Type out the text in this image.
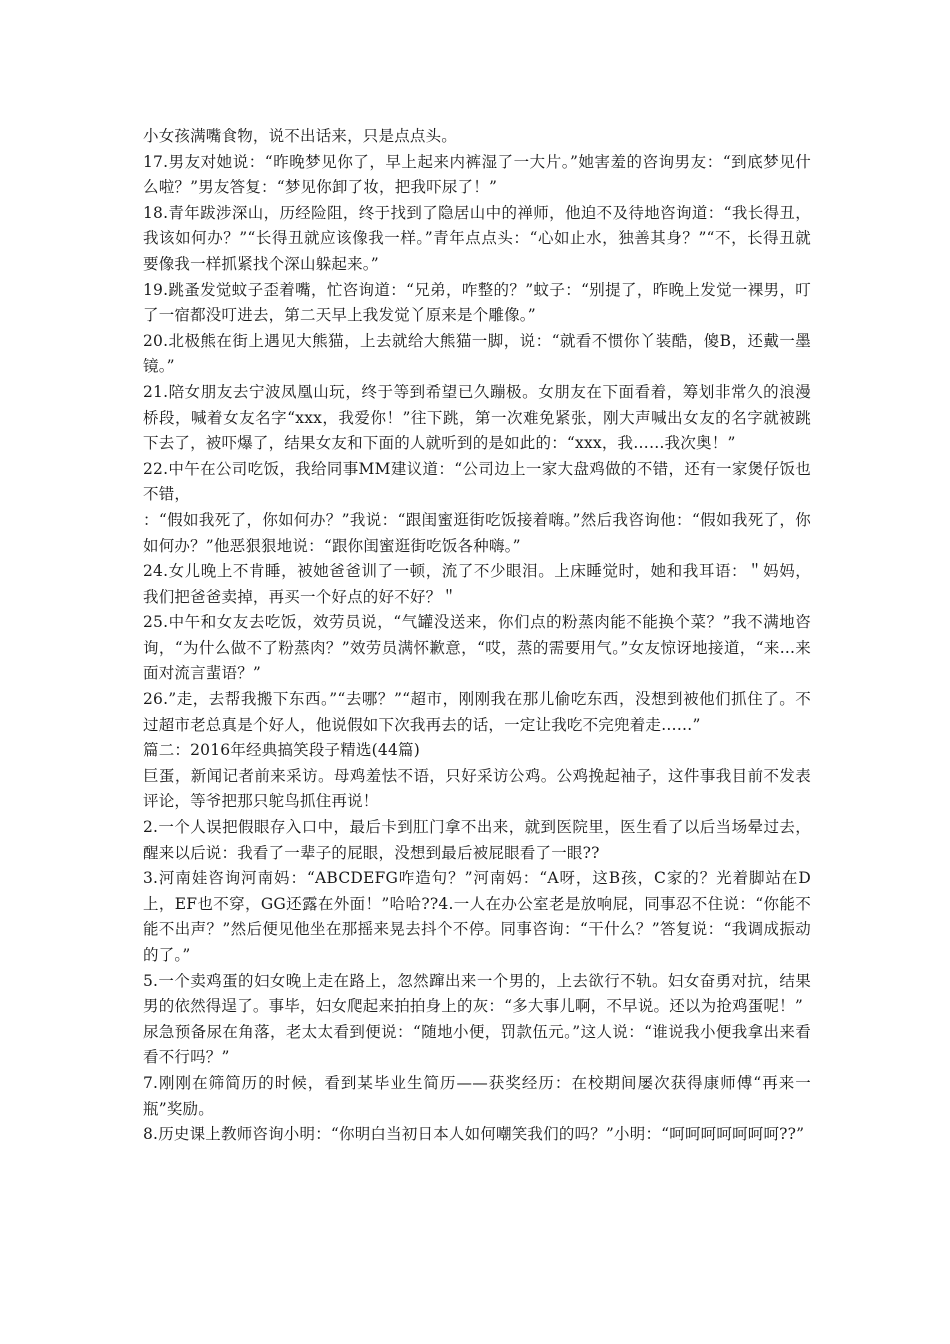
小女孩满嘴食物，说不出话来，只是点点头。

17.男友对她说：“昨晚梦见你了，早上起来内裤湿了一大片。”她害羞的咨询男友：“到底梦见什么啦？”男友答复：“梦见你卸了妆，把我吓尿了！”

18.青年跋涉深山，历经险阻，终于找到了隐居山中的禅师，他迫不及待地咨询道：“我长得丑，我该如何办？”“长得丑就应该像我一样。”青年点点头：“心如止水，独善其身？”“不，长得丑就要像我一样抓紧找个深山躲起来。”

19.跳蚤发觉蚊子歪着嘴，忙咨询道：“兄弟，咋整的？”蚊子：“别提了，昨晚上发觉一裸男，叮了一宿都没叮进去，第二天早上我发觉丫原来是个雕像。”

20.北极熊在街上遇见大熊猫，上去就给大熊猫一脚，说：“就看不惯你丫装酷，傻B，还戴一墨镜。”

21.陪女朋友去宁波凤凰山玩，终于等到希望已久蹦极。女朋友在下面看着，筹划非常久的浪漫桥段，喊着女友名字“xxx，我爱你！”往下跳，第一次难免紧张，刚大声喊出女友的名字就被跳下去了，被吓爆了，结果女友和下面的人就听到的是如此的：“xxx，我……我次奥！”

22.中午在公司吃饭，我给同事MM建议道：“公司边上一家大盘鸡做的不错，还有一家煲仔饭也不错，

：“假如我死了，你如何办？”我说：“跟闺蜜逛街吃饭接着嗨。”然后我咨询他：“假如我死了，你如何办？”他恶狠狠地说：“跟你闺蜜逛街吃饭各种嗨。”

24.女儿晚上不肯睡，被她爸爸训了一顿，流了不少眼泪。上床睡觉时，她和我耳语：＂妈妈，我们把爸爸卖掉，再买一个好点的好不好？＂

25.中午和女友去吃饭，效劳员说，“气罐没送来，你们点的粉蒸肉能不能换个菜？”我不满地咨询，“为什么做不了粉蒸肉？”效劳员满怀歉意，“哎，蒸的需要用气。”女友惊讶地接道，“来...来面对流言蜚语？”

26.”走，去帮我搬下东西。”“去哪？”“超市，刚刚我在那儿偷吃东西，没想到被他们抓住了。不过超市老总真是个好人，他说假如下次我再去的话，一定让我吃不完兜着走……”

篇二：2016年经典搞笑段子精选(44篇)

巨蛋，新闻记者前来采访。母鸡羞怯不语，只好采访公鸡。公鸡挽起袖子，这件事我目前不发表评论，等爷把那只鸵鸟抓住再说！

2.一个人误把假眼存入口中，最后卡到肛门拿不出来，就到医院里，医生看了以后当场晕过去，醒来以后说：我看了一辈子的屁眼，没想到最后被屁眼看了一眼??

3.河南娃咨询河南妈：“ABCDEFG咋造句？”河南妈：“A呀，这B孩，C家的？光着脚站在D上，EF也不穿，GG还露在外面！”哈哈??4.一人在办公室老是放响屁，同事忍不住说：“你能不能不出声？”然后便见他坐在那摇来晃去抖个不停。同事咨询：“干什么？”答复说：“我调成振动的了。”

5.一个卖鸡蛋的妇女晚上走在路上，忽然蹿出来一个男的，上去欲行不轨。妇女奋勇对抗，结果男的依然得逞了。事毕，妇女爬起来拍拍身上的灰：“多大事儿啊，不早说。还以为抢鸡蛋呢！”

尿急预备尿在角落，老太太看到便说：“随地小便，罚款伍元。”这人说：“谁说我小便我拿出来看看不行吗？”

7.刚刚在筛简历的时候，看到某毕业生简历——获奖经历：在校期间屡次获得康师傅“再来一瓶”奖励。

8.历史课上教师咨询小明：“你明白当初日本人如何嘲笑我们的吗？”小明：“呵呵呵呵呵呵呵??”
